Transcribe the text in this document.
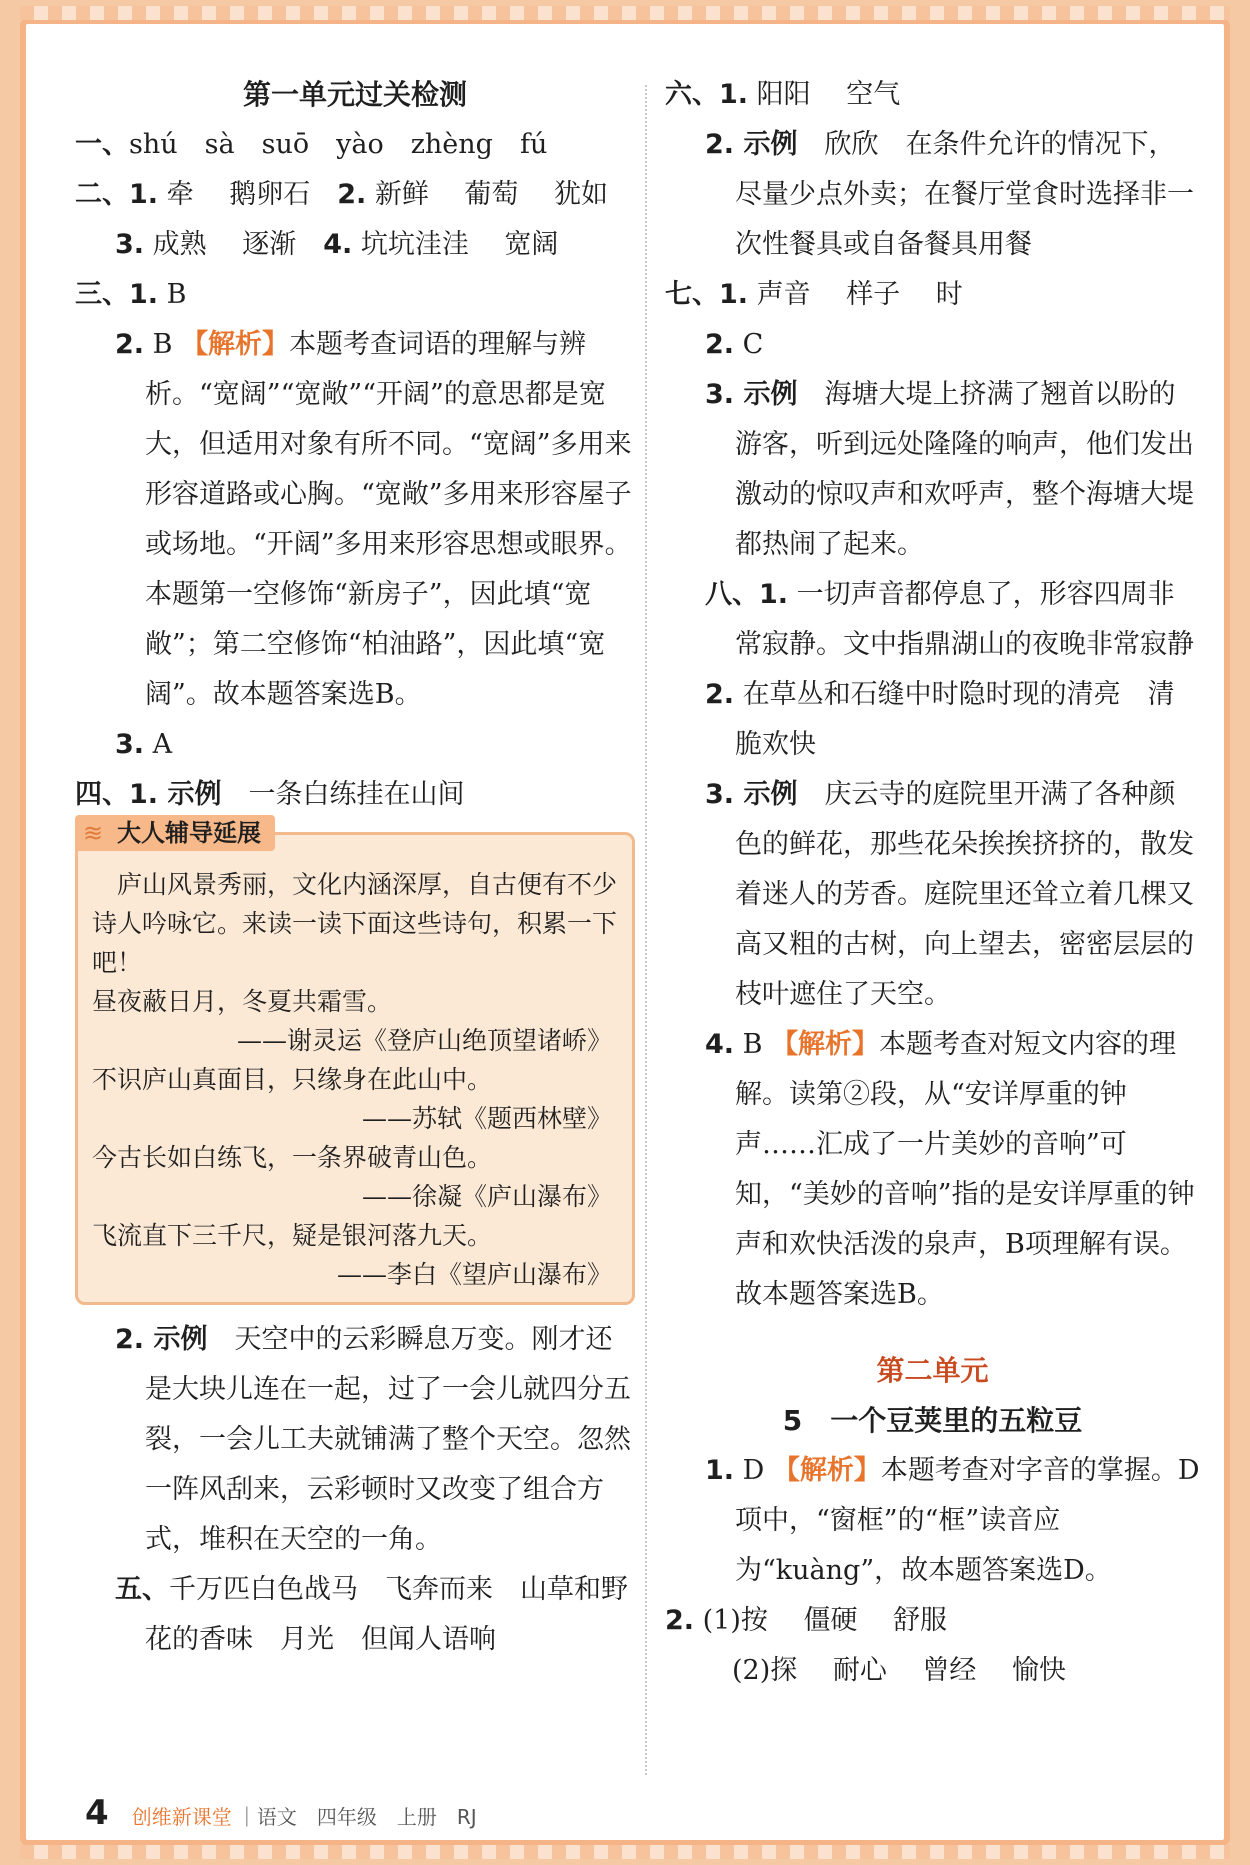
第一单元过关检测
一、shú　sà　suō　yào　zhèng　fú
二、1. 牵　 鹅卵石　2. 新鲜　 葡萄　 犹如
3. 成熟　 逐渐　4. 坑坑洼洼　 宽阔
三、1. B
2. B 【解析】本题考查词语的理解与辨析。“宽阔”“宽敞”“开阔”的意思都是宽大，但适用对象有所不同。“宽阔”多用来形容道路或心胸。“宽敞”多用来形容屋子或场地。“开阔”多用来形容思想或眼界。本题第一空修饰“新房子”，因此填“宽敞”；第二空修饰“柏油路”，因此填“宽阔”。故本题答案选B。
3. A
四、1. 示例　一条白练挂在山间
≋ 大人辅导延展
　庐山风景秀丽，文化内涵深厚，自古便有不少诗人吟咏它。来读一读下面这些诗句，积累一下吧！
昼夜蔽日月，冬夏共霜雪。
——谢灵运《登庐山绝顶望诸峤》
不识庐山真面目，只缘身在此山中。
——苏轼《题西林壁》
今古长如白练飞，一条界破青山色。
——徐凝《庐山瀑布》
飞流直下三千尺，疑是银河落九天。
——李白《望庐山瀑布》
2. 示例　天空中的云彩瞬息万变。刚才还是大块儿连在一起，过了一会儿就四分五裂，一会儿工夫就铺满了整个天空。忽然一阵风刮来，云彩顿时又改变了组合方式，堆积在天空的一角。
五、千万匹白色战马　飞奔而来　山草和野花的香味　月光　但闻人语响
六、1. 阳阳　 空气
2. 示例　欣欣　在条件允许的情况下，尽量少点外卖；在餐厅堂食时选择非一次性餐具或自备餐具用餐
七、1. 声音　 样子　 时
2. C
3. 示例　海塘大堤上挤满了翘首以盼的游客，听到远处隆隆的响声，他们发出激动的惊叹声和欢呼声，整个海塘大堤都热闹了起来。
八、1. 一切声音都停息了，形容四周非常寂静。文中指鼎湖山的夜晚非常寂静
2. 在草丛和石缝中时隐时现的清亮　清脆欢快
3. 示例　庆云寺的庭院里开满了各种颜色的鲜花，那些花朵挨挨挤挤的，散发着迷人的芳香。庭院里还耸立着几棵又高又粗的古树，向上望去，密密层层的枝叶遮住了天空。
4. B 【解析】本题考查对短文内容的理解。读第②段，从“安详厚重的钟声……汇成了一片美妙的音响”可知，“美妙的音响”指的是安详厚重的钟声和欢快活泼的泉声，B项理解有误。故本题答案选B。
第二单元
5　一个豆荚里的五粒豆
1. D 【解析】本题考查对字音的掌握。D项中，“窗框”的“框”读音应为“kuàng”，故本题答案选D。
2. (1)按　 僵硬　 舒服
　(2)探　 耐心　 曾经　 愉快
4 创维新课堂 ｜语文　四年级　上册　RJ
